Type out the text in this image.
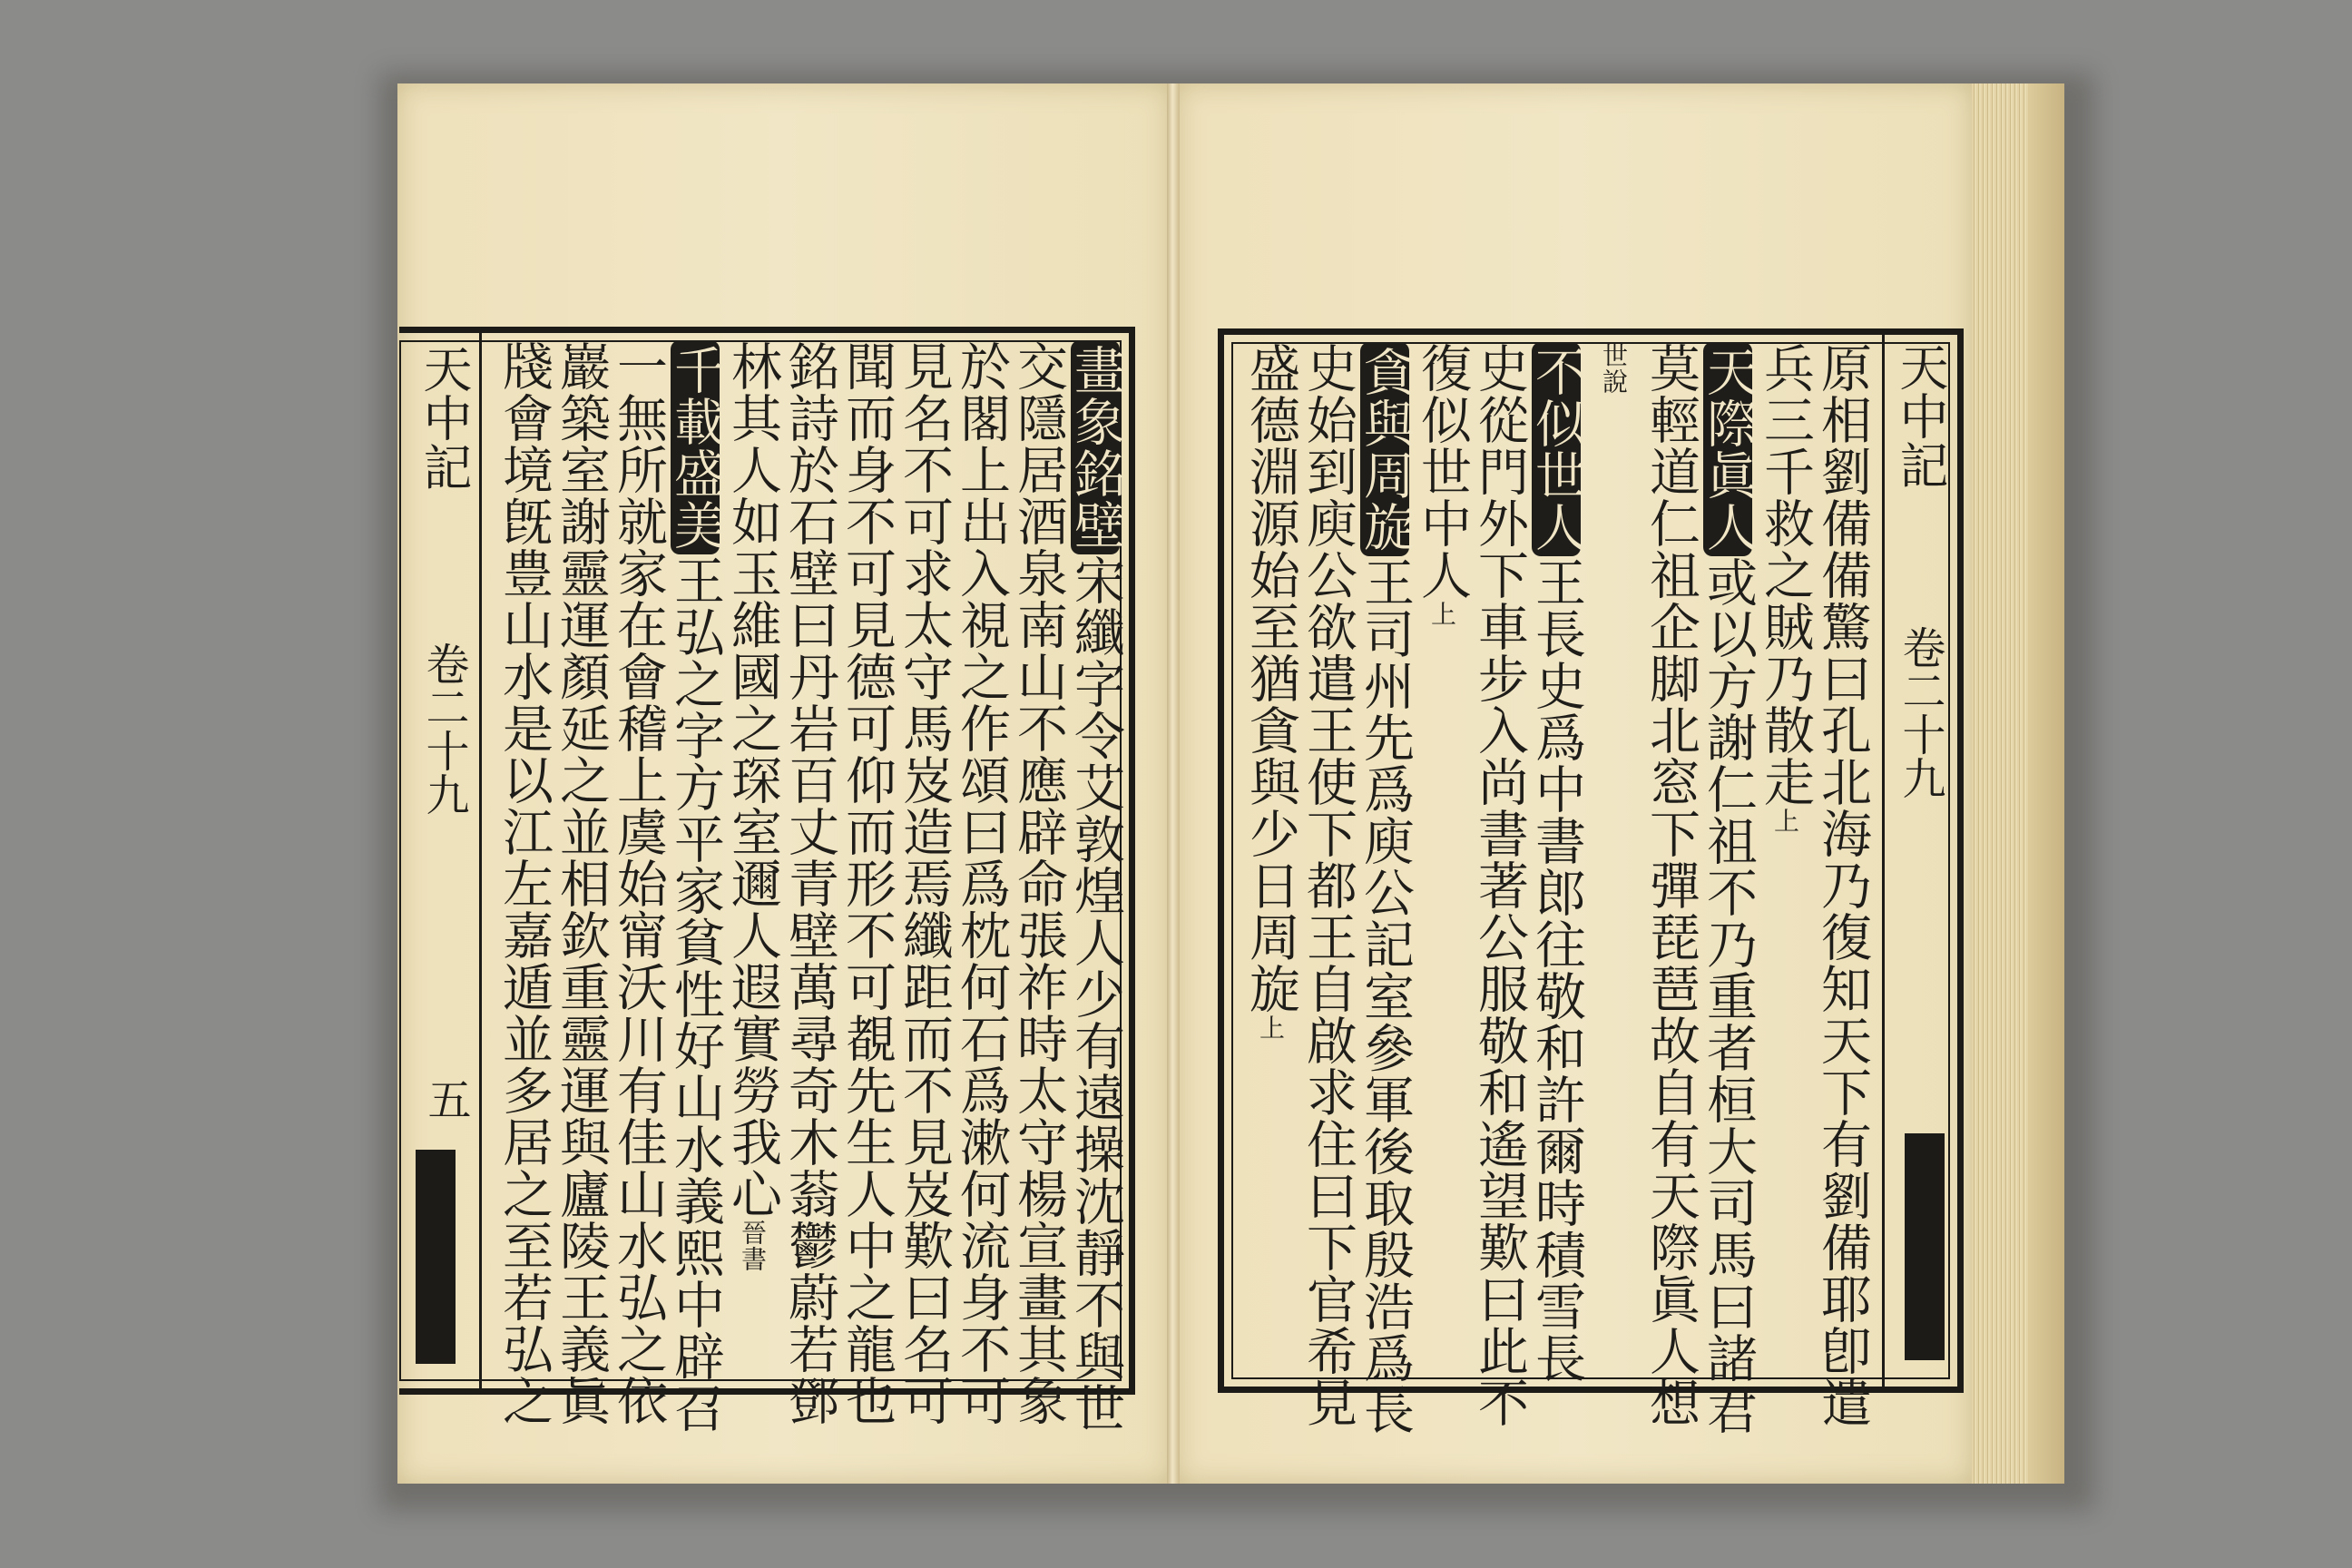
天中記
卷二十九
五
畫象銘壁宋纖字令艾敦煌人少有遠操沈靜不與世
交隱居酒泉南山不應辟命張祚時太守楊宣畫其象
於閣上出入視之作頌曰爲枕何石爲漱何流身不可
見名不可求太守馬岌造焉纖距而不見岌歎曰名可
聞而身不可見德可仰而形不可覩先生人中之龍也
銘詩於石壁曰丹岩百丈青壁萬尋奇木蓊鬱蔚若鄧
林其人如玉維國之琛室邇人遐實勞我心晉書
千載盛美王弘之字方平家貧性好山水義熙中辟召
一無所就家在會稽上虞始甯沃川有佳山水弘之依
巖築室謝靈運顏延之並相欽重靈運與廬陵王義眞
牋會境旣豊山水是以江左嘉遁並多居之至若弘之	天中記
卷二十九
原相劉備備驚曰孔北海乃復知天下有劉備耶卽遣
兵三千救之賊乃散走上
天際眞人或以方謝仁祖不乃重者桓大司馬曰諸君
莫輕道仁祖企脚北窓下彈琵琶故自有天際眞人想
世說
不似世人王長史爲中書郎往敬和許爾時積雪長
史從門外下車步入尚書著公服敬和遙望歎曰此不
復似世中人上
貪與周旋王司州先爲庾公記室參軍後取殷浩爲長
史始到庾公欲遣王使下都王自啟求住曰下官希見
盛德淵源始至猶貪與少日周旋上
